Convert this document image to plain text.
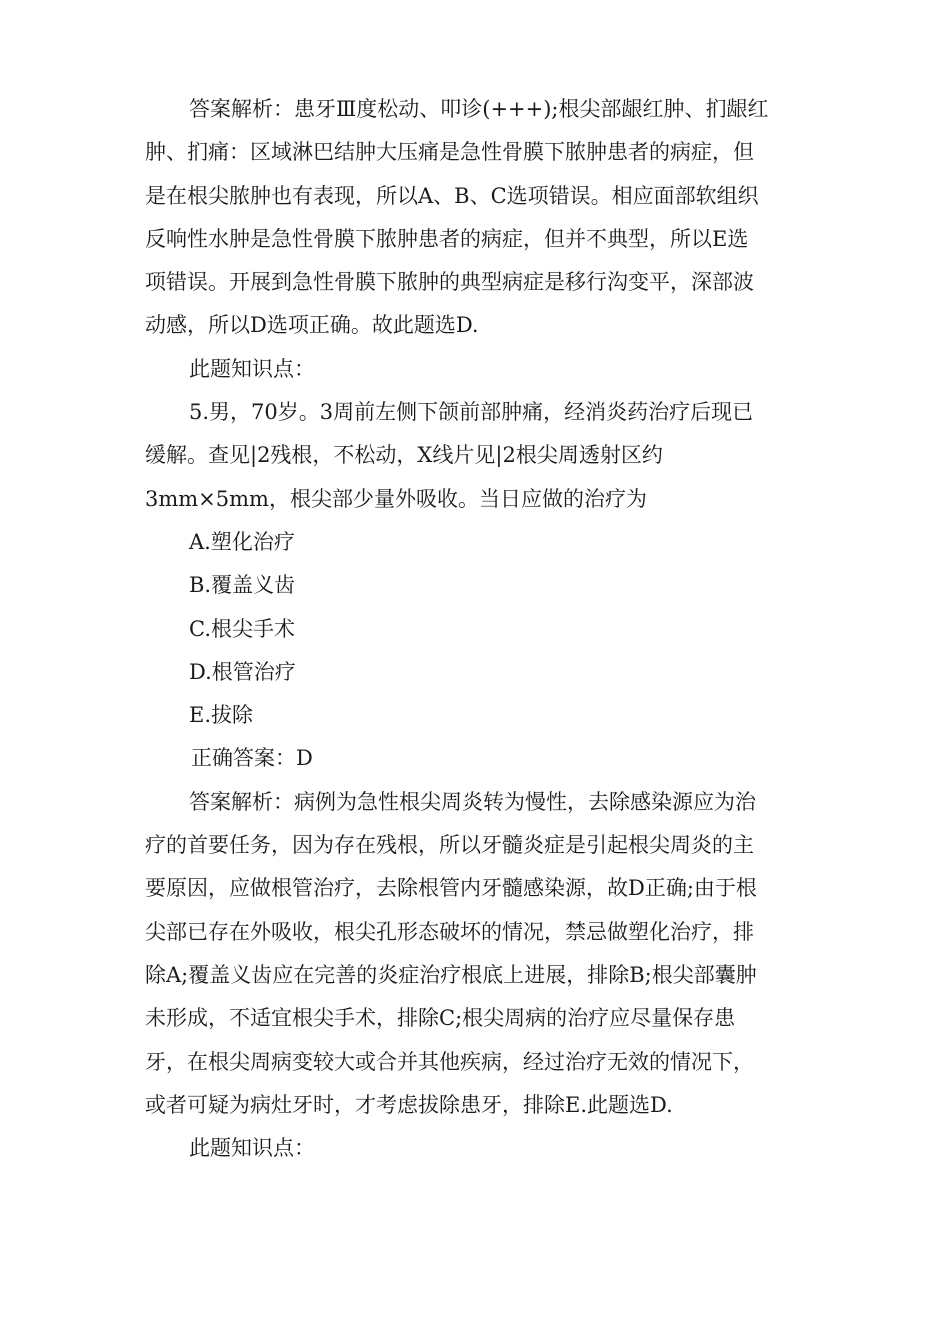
答案解析：患牙Ⅲ度松动、叩诊(+++);根尖部龈红肿、扪龈红
肿、扪痛：区域淋巴结肿大压痛是急性骨膜下脓肿患者的病症，但
是在根尖脓肿也有表现，所以A、B、C选项错误。相应面部软组织
反响性水肿是急性骨膜下脓肿患者的病症，但并不典型，所以E选
项错误。开展到急性骨膜下脓肿的典型病症是移行沟变平，深部波
动感，所以D选项正确。故此题选D.
此题知识点：
5.男，70岁。3周前左侧下颌前部肿痛，经消炎药治疗后现已
缓解。查见|2残根，不松动，X线片见|2根尖周透射区约
3mm×5mm，根尖部少量外吸收。当日应做的治疗为
A.塑化治疗
B.覆盖义齿
C.根尖手术
D.根管治疗
E.拔除
正确答案：D
答案解析：病例为急性根尖周炎转为慢性，去除感染源应为治
疗的首要任务，因为存在残根，所以牙髓炎症是引起根尖周炎的主
要原因，应做根管治疗，去除根管内牙髓感染源，故D正确;由于根
尖部已存在外吸收，根尖孔形态破坏的情况，禁忌做塑化治疗，排
除A;覆盖义齿应在完善的炎症治疗根底上进展，排除B;根尖部囊肿
未形成，不适宜根尖手术，排除C;根尖周病的治疗应尽量保存患
牙，在根尖周病变较大或合并其他疾病，经过治疗无效的情况下，
或者可疑为病灶牙时，才考虑拔除患牙，排除E.此题选D.
此题知识点：
